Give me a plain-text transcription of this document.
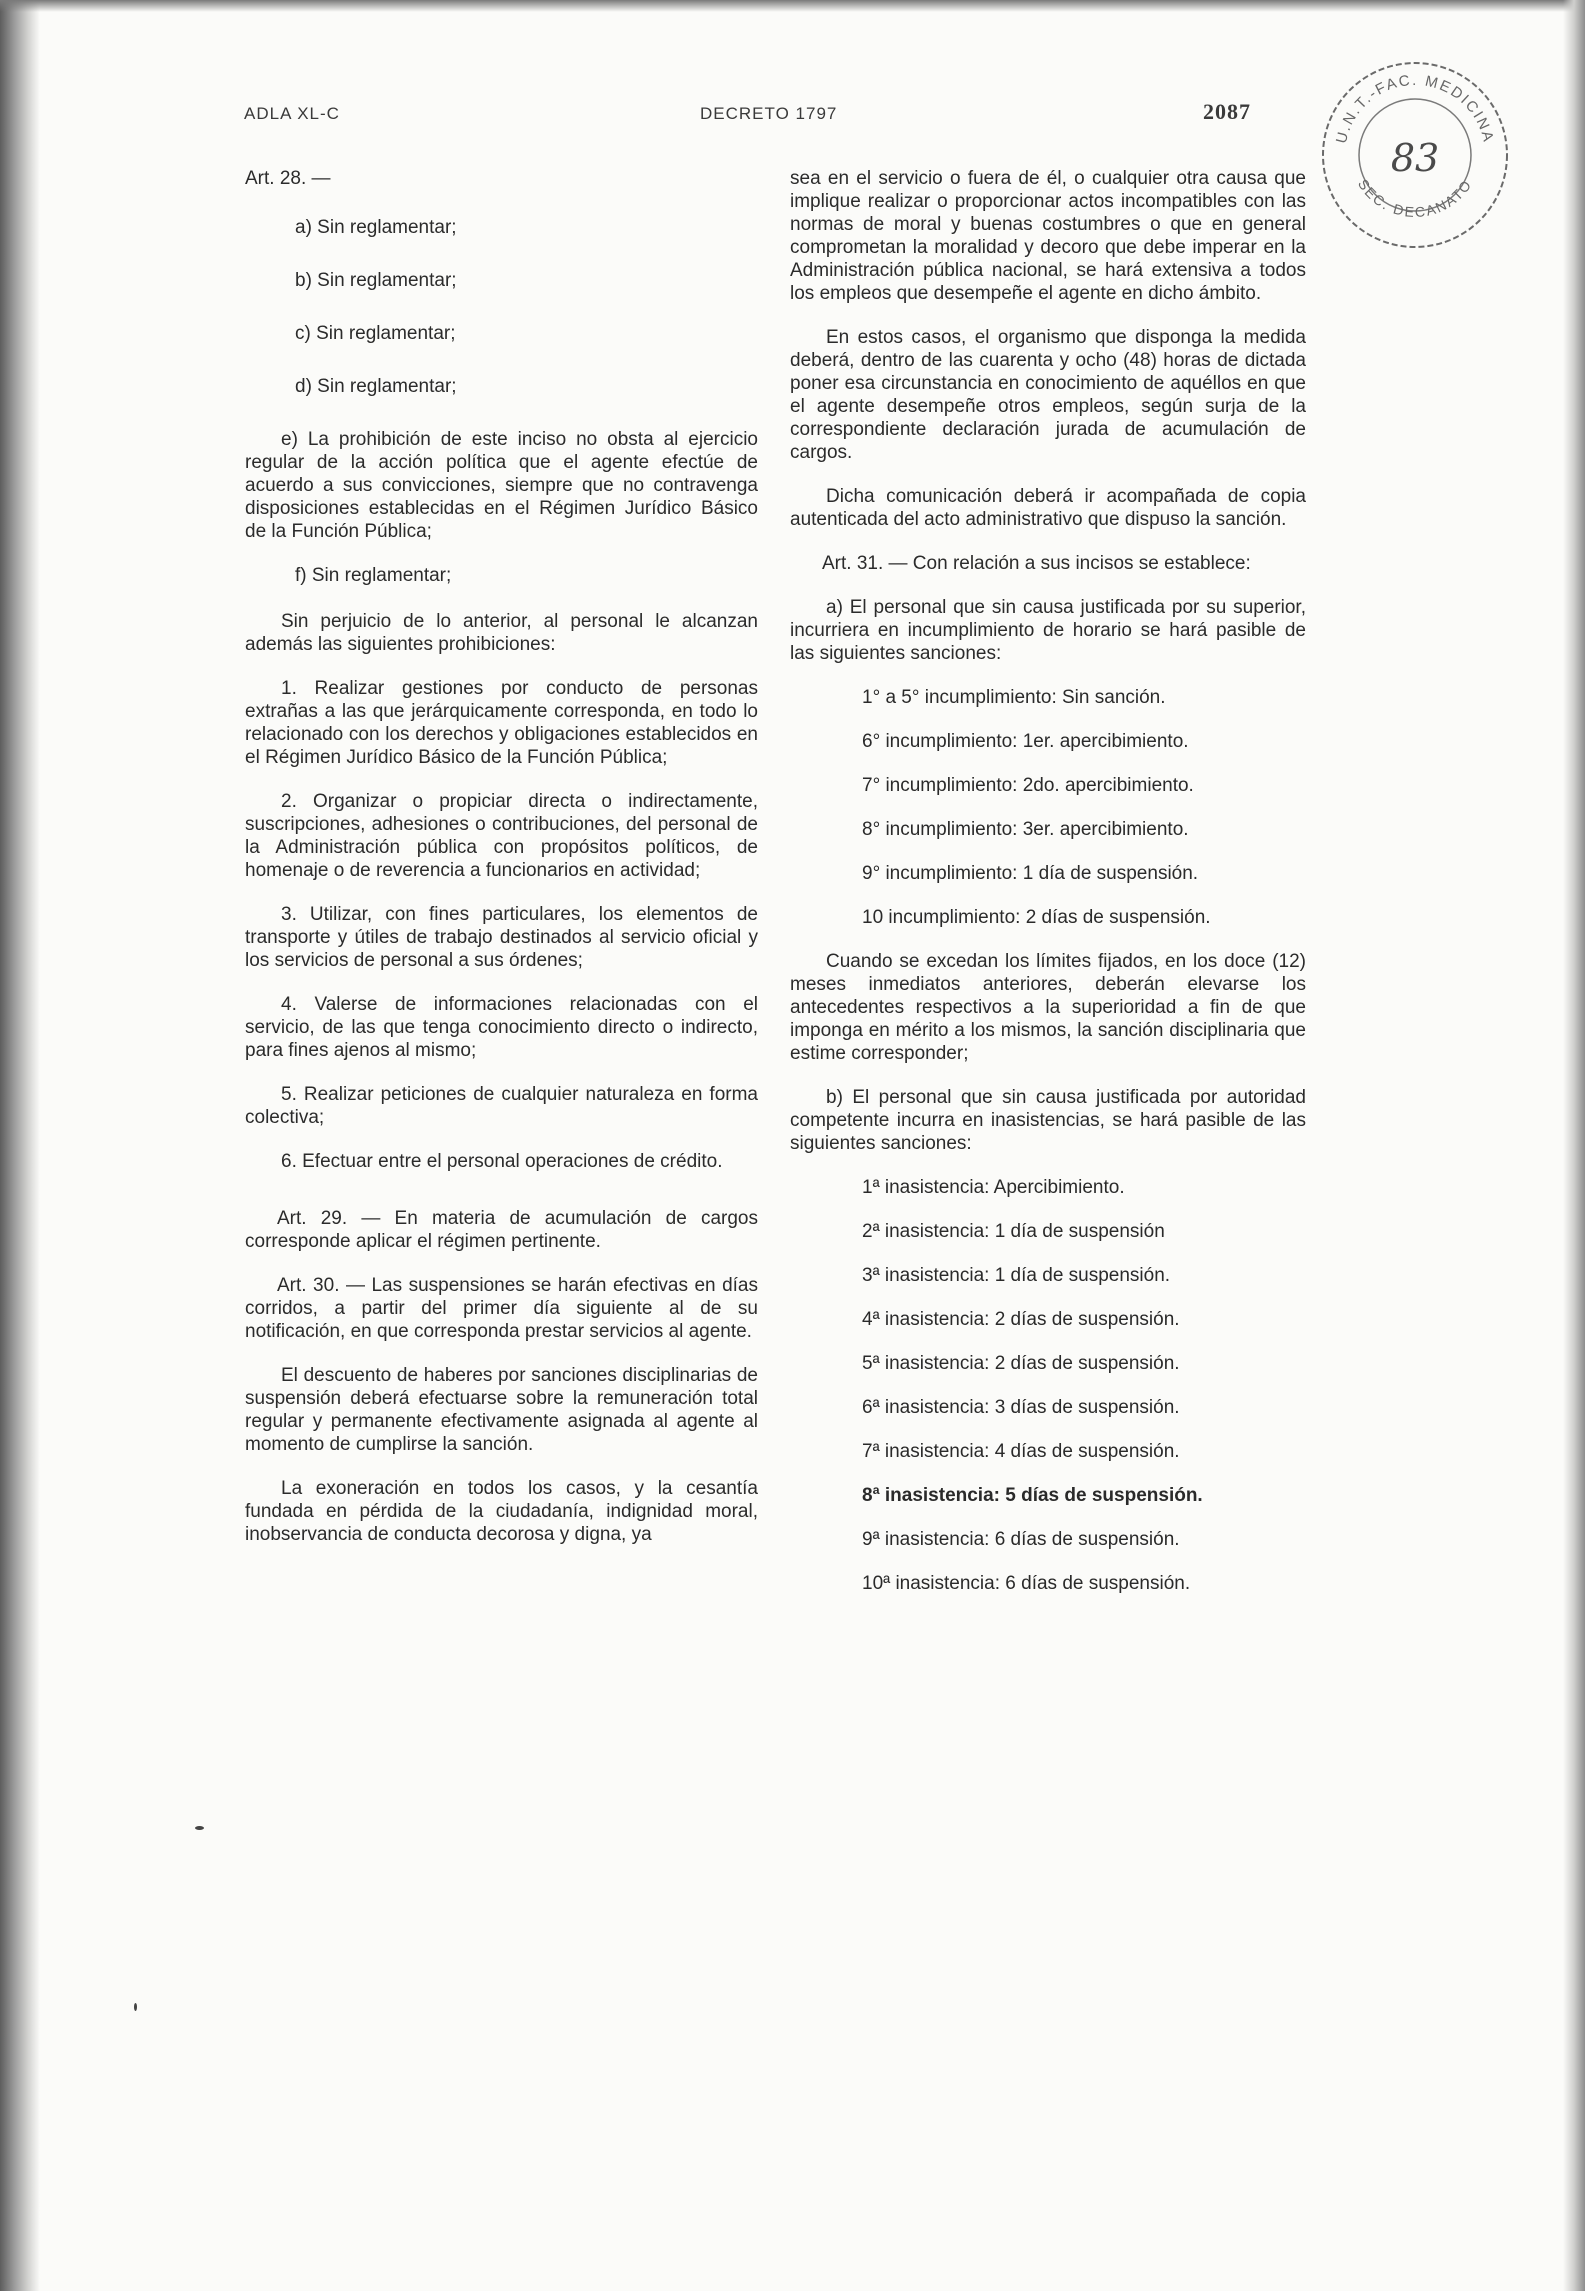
ADLA XL-C	DECRETO 1797	2087
U.N.T.-FAC. MEDICINA
SEC. DECANATO
83
Art. 28. —
a) Sin reglamentar;
b) Sin reglamentar;
c) Sin reglamentar;
d) Sin reglamentar;
e) La prohibición de este inciso no obsta al ejercicio regular de la acción política que el agente efectúe de acuerdo a sus convicciones, siempre que no contravenga disposiciones establecidas en el Régimen Jurídico Básico de la Función Pública;
f) Sin reglamentar;
Sin perjuicio de lo anterior, al personal le alcanzan además las siguientes prohibiciones:
1. Realizar gestiones por conducto de personas extrañas a las que jerárquicamente corresponda, en todo lo relacionado con los derechos y obligaciones establecidos en el Régimen Jurídico Básico de la Función Pública;
2. Organizar o propiciar directa o indirectamente, suscripciones, adhesiones o contribuciones, del personal de la Administración pública con propósitos políticos, de homenaje o de reverencia a funcionarios en actividad;
3. Utilizar, con fines particulares, los elementos de transporte y útiles de trabajo destinados al servicio oficial y los servicios de personal a sus órdenes;
4. Valerse de informaciones relacionadas con el servicio, de las que tenga conocimiento directo o indirecto, para fines ajenos al mismo;
5. Realizar peticiones de cualquier naturaleza en forma colectiva;
6. Efectuar entre el personal operaciones de crédito.
Art. 29. — En materia de acumulación de cargos corresponde aplicar el régimen pertinente.
Art. 30. — Las suspensiones se harán efectivas en días corridos, a partir del primer día siguiente al de su notificación, en que corresponda prestar servicios al agente.
El descuento de haberes por sanciones disciplinarias de suspensión deberá efectuarse sobre la remuneración total regular y permanente efectivamente asignada al agente al momento de cumplirse la sanción.
La exoneración en todos los casos, y la cesantía fundada en pérdida de la ciudadanía, indignidad moral, inobservancia de conducta decorosa y digna, ya
sea en el servicio o fuera de él, o cualquier otra causa que implique realizar o proporcionar actos incompatibles con las normas de moral y buenas costumbres o que en general comprometan la moralidad y decoro que debe imperar en la Administración pública nacional, se hará extensiva a todos los empleos que desempeñe el agente en dicho ámbito.
En estos casos, el organismo que disponga la medida deberá, dentro de las cuarenta y ocho (48) horas de dictada poner esa circunstancia en conocimiento de aquéllos en que el agente desempeñe otros empleos, según surja de la correspondiente declaración jurada de acumulación de cargos.
Dicha comunicación deberá ir acompañada de copia autenticada del acto administrativo que dispuso la sanción.
Art. 31. — Con relación a sus incisos se establece:
a) El personal que sin causa justificada por su superior, incurriera en incumplimiento de horario se hará pasible de las siguientes sanciones:
1° a 5° incumplimiento: Sin sanción.
6° incumplimiento: 1er. apercibimiento.
7° incumplimiento: 2do. apercibimiento.
8° incumplimiento: 3er. apercibimiento.
9° incumplimiento: 1 día de suspensión.
10 incumplimiento: 2 días de suspensión.
Cuando se excedan los límites fijados, en los doce (12) meses inmediatos anteriores, deberán elevarse los antecedentes respectivos a la superioridad a fin de que imponga en mérito a los mismos, la sanción disciplinaria que estime corresponder;
b) El personal que sin causa justificada por autoridad competente incurra en inasistencias, se hará pasible de las siguientes sanciones:
1ª inasistencia: Apercibimiento.
2ª inasistencia: 1 día de suspensión
3ª inasistencia: 1 día de suspensión.
4ª inasistencia: 2 días de suspensión.
5ª inasistencia: 2 días de suspensión.
6ª inasistencia: 3 días de suspensión.
7ª inasistencia: 4 días de suspensión.
8ª inasistencia: 5 días de suspensión.
9ª inasistencia: 6 días de suspensión.
10ª inasistencia: 6 días de suspensión.
